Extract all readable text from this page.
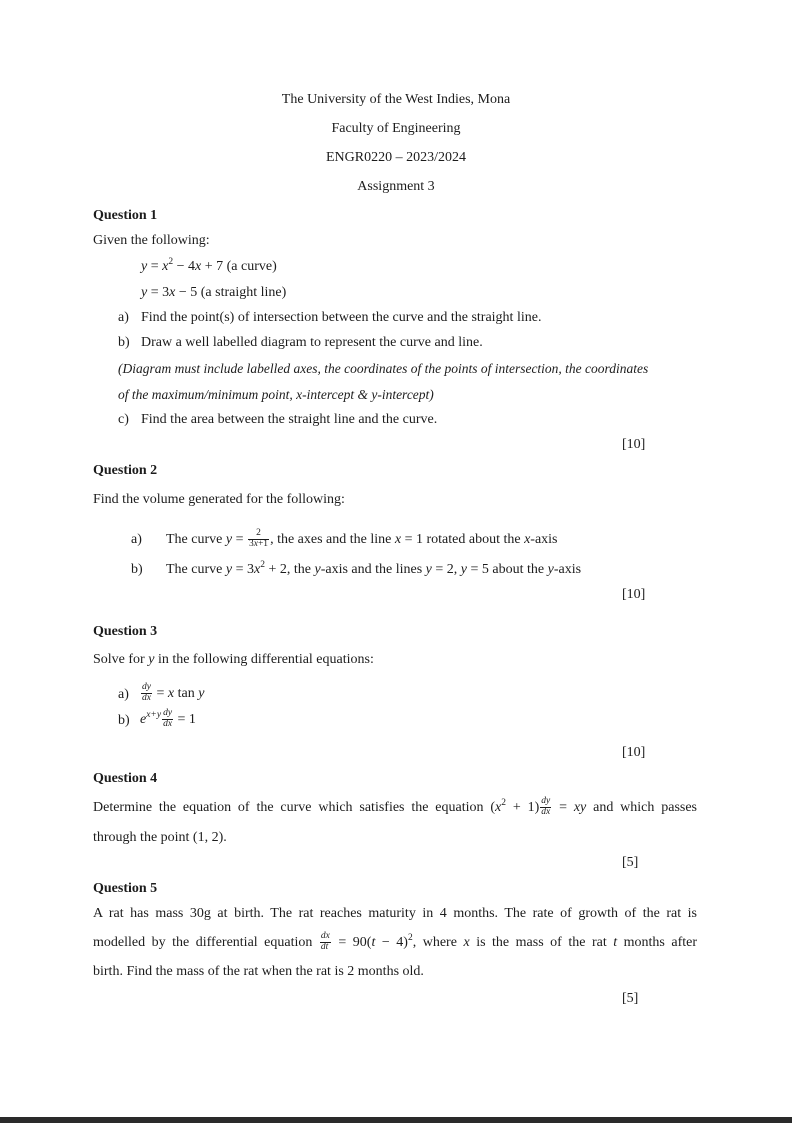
The University of the West Indies, Mona
Faculty of Engineering
ENGR0220 – 2023/2024
Assignment 3
Question 1
Given the following:
$y = x^2 - 4x + 7$ (a curve)
y = 3x − 5 (a straight line)
a) Find the point(s) of intersection between the curve and the straight line.
b) Draw a well labelled diagram to represent the curve and line.
(Diagram must include labelled axes, the coordinates of the points of intersection, the coordinates
of the maximum/minimum point, x-intercept & y-intercept)
c) Find the area between the straight line and the curve.
[10]
Question 2
Find the volume generated for the following:
a) The curve $y = \frac{2}{3x+1}$ , the axes and the line x = 1 rotated about the x-axis
b) The curve $y = 3x^2 + 2$, the y-axis and the lines y = 2, y = 5 about the y-axis
[10]
Question 3
Solve for y in the following differential equations:
$a) \frac{dy}{dx} = x$ tan y
b) $e^{x+y} \frac{dy}{dx} = 1$
[10]
Question 4
Determine the equation of the curve which satisfies the equation $(x^2 + 1) \frac{dy}{dx}$ = xy and which passes
through the point (1, 2).
[5]
Question 5
A rat has mass 30g at birth. The rat reaches maturity in 4 months. The rate of growth of the rat is
modelled by the differential equation $\frac{dx}{dt} = 90(t - 4)^2$, where x is the mass of the rat t months after
birth. Find the mass of the rat when the rat is 2 months old.
[5]
